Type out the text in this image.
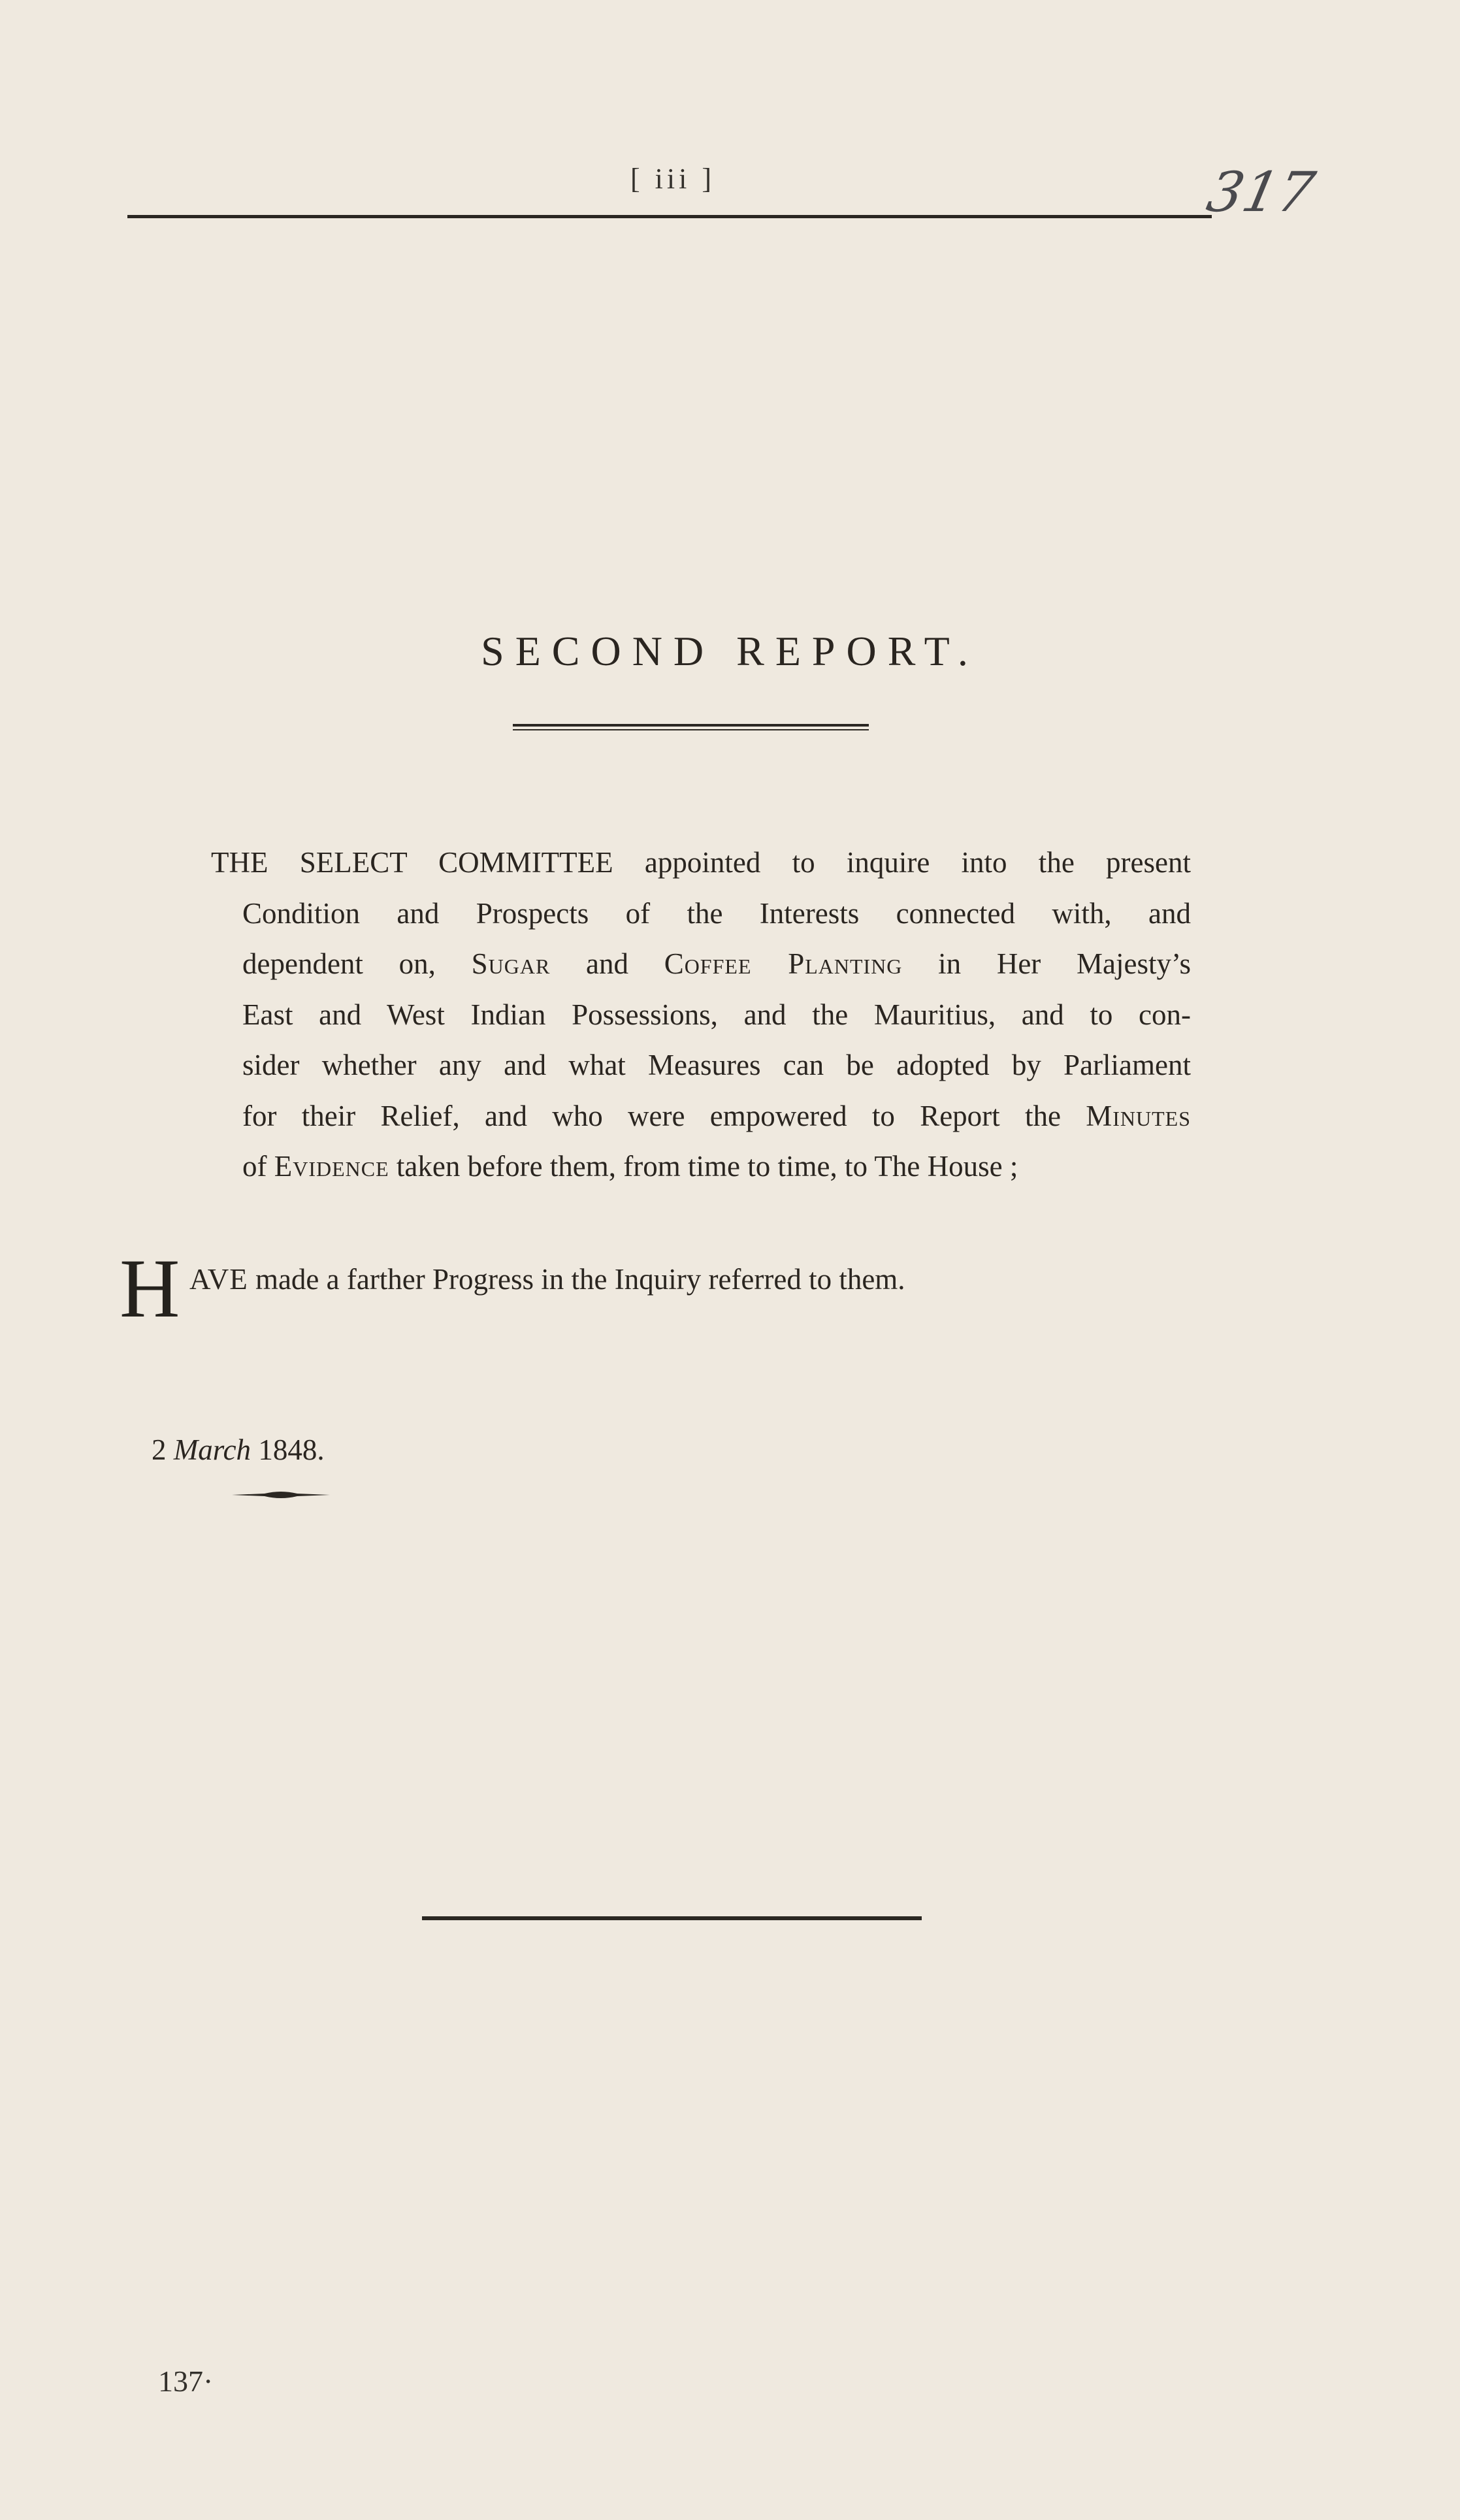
[ iii ]	317
SECOND REPORT.
THE SELECT COMMITTEE appointed to inquire into the present
Condition and Prospects of the Interests connected with, and
dependent on, Sugar and Coffee Planting in Her Majesty’s
East and West Indian Possessions, and the Mauritius, and to con-
sider whether any and what Measures can be adopted by Parliament
for their Relief, and who were empowered to Report the Minutes
of Evidence taken before them, from time to time, to The House ;
H AVE made a farther Progress in the Inquiry referred to them.
2 March 1848.
137·
